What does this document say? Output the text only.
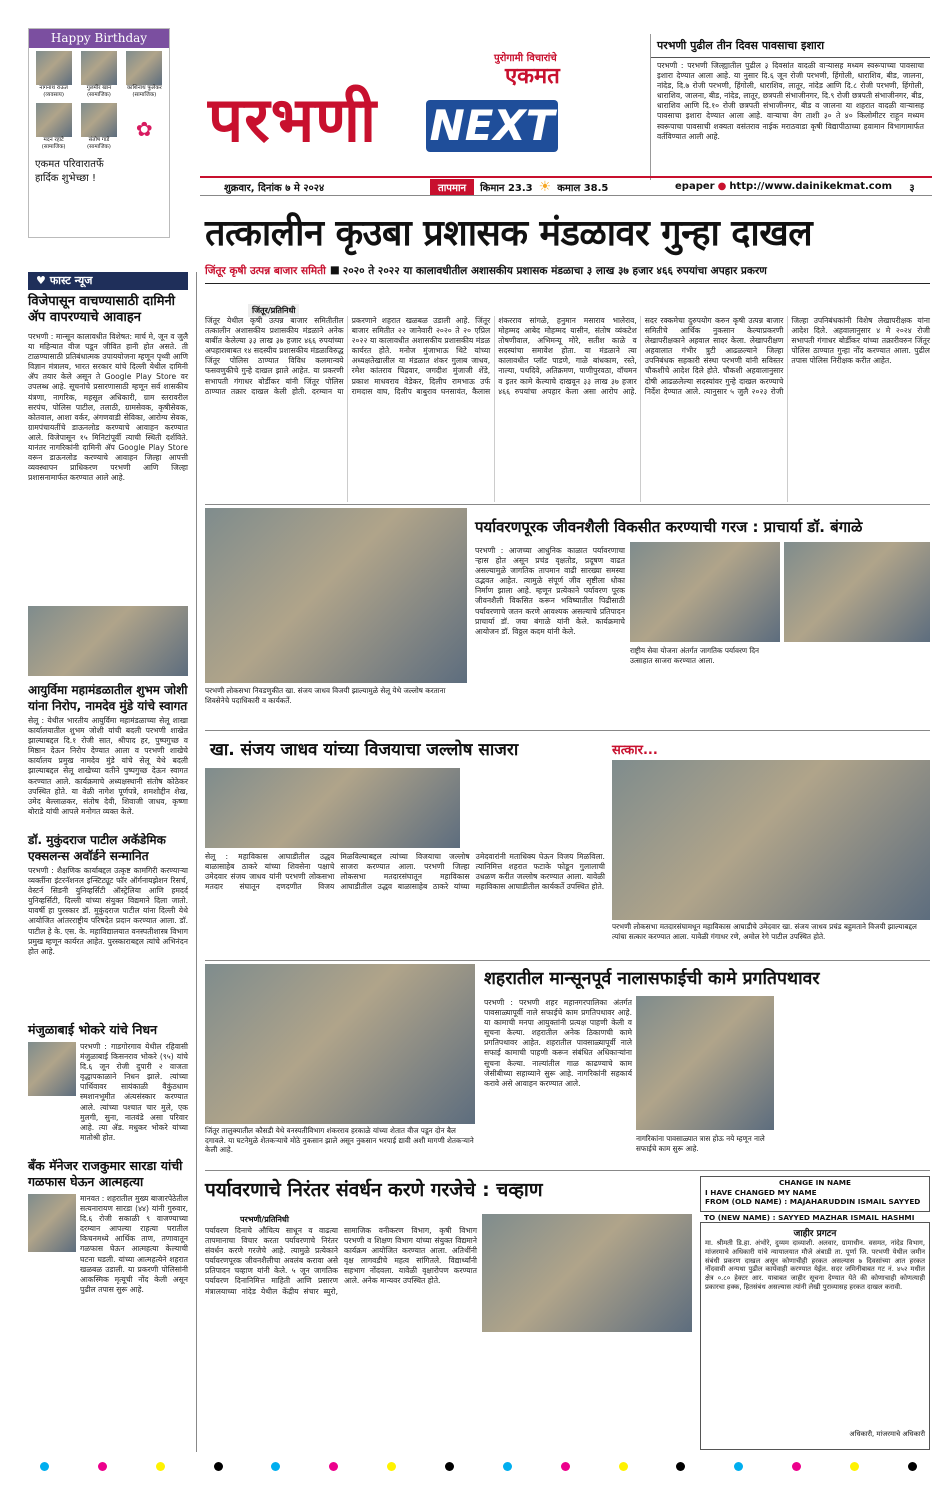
Happy Birthday
नागनाथ राऊत
(व्यवसाय)
गुलमीर खान
(सामाजिक)
काशिनाथ फुलेकर
(सामाजिक)
मदन रहाटे
(सामाजिक)
संतोष गाडे
(सामाजिक)
✿
एकमत परिवारातर्फे
हार्दिक शुभेच्छा !
पुरोगामी विचारांचे
एकमत
परभणी NEXT
परभणी पुढील तीन दिवस पावसाचा इशारा
परभणी : परभणी जिल्ह्यातील पुढील ३ दिवसांत वादळी वाऱ्यासह मध्यम स्वरूपाच्या पावसाचा इशारा देण्यात आला आहे. या नुसार दि.६ जून रोजी परभणी, हिंगोली, धाराशिव, बीड, जालना, नांदेड, दि.७ रोजी परभणी, हिंगोली, धाराशिव, लातूर, नांदेड आणि दि.८ रोजी परभणी, हिंगोली, धाराशिव, जालना, बीड, नांदेड, लातूर, छत्रपती संभाजीनगर, दि.९ रोजी छत्रपती संभाजीनगर, बीड, धाराशिव आणि दि.१० रोजी छत्रपती संभाजीनगर, बीड व जालना या शहरात वादळी वाऱ्यासह पावसाचा इशारा देण्यात आला आहे. वाऱ्याचा वेग ताशी ३० ते ४० किलोमीटर राहून मध्यम स्वरूपाचा पावसाची शक्यता वसंतराव नाईक मराठवाडा कृषी विद्यापीठाच्या हवामान विभागामार्फत वर्तविण्यात आली आहे.
शुक्रवार, दिनांक ७ मे २०२४	तापमान	किमान 23.3 ☀ कमाल 38.5	epaper ● http://www.dainikekmat.com	३
तत्कालीन कृउबा प्रशासक मंडळावर गुन्हा दाखल
जिंतूर कृषी उत्पन्न बाजार समिती ■ २०२० ते २०२२ या कालावधीतील अशासकीय प्रशासक मंडळाचा ३ लाख ३७ हजार ४६६ रुपयांचा अपहार प्रकरण
जिंतूर/प्रतिनिधी
जिंतूर येथील कृषी उत्पन्न बाजार समितीतील तत्कालीन अशासकीय प्रशासकीय मंडळाने अनेक बाबींत केलेल्या ३३ लाख ३७ हजार ४६६ रुपयांच्या अपहाराबाबत १४ सदस्यीय प्रशासकीय मंडळाविरुद्ध जिंतूर पोलिस ठाण्यात विविध कलमान्वये फसवणुकीचे गुन्हे दाखल झाले आहेत. या प्रकरणी सभापती गंगाधर बोर्डीकर यांनी जिंतूर पोलिस ठाण्यात तक्रार दाखल केली होती. दरम्यान या प्रकरणाने शहरात खळबळ उडाली आहे. जिंतूर बाजार समितीत २२ जानेवारी २०२० ते २० एप्रिल २०२२ या कालावधीत अशासकीय प्रशासकीय मंडळ कार्यरत होते. मनोज मुंजाभाऊ थिटे यांच्या अध्यक्षतेखालील या मंडळात शंकर गुलाब जाधव, रमेश कांतराव चिद्रवार, जगदीश मुंजाजी शेंडे, प्रकाश माधवराव वेडेकर, दिलीप रामभाऊ उर्फ रामदास वाघ, दिलीप बाबुराव घनसावंत, कैलास शंकरराव सांगळे, हनुमान मसाराव भालेराव, मोहम्मद आबेद मोहम्मद यासीन, संतोष व्यंकटेश तोषणीवाल, अभिमन्यू मोरे, सतीश काळे व सदस्यांचा समावेश होता. या मंडळाने त्या कालावधीत प्लॉट पाडणे, गाळे बांधकाम, रस्ते, नाल्या, पथदिवे, अतिक्रमण, पाणीपुरवठा, वॉचमन व इतर कामे केल्याचे दाखवून ३३ लाख ३७ हजार ४६६ रुपयांचा अपहार केला असा आरोप आहे. सदर रक्कमेचा दुरुपयोग करुन कृषी उत्पन्न बाजार समितीचे आर्थिक नुकसान केल्याप्रकरणी लेखापरीक्षकाने अहवाल सादर केला. लेखापरीक्षण अहवालात गंभीर त्रुटी आढळल्याने जिल्हा उपनिबंधक सहकारी संस्था परभणी यांनी सविस्तर चौकशीचे आदेश दिले होते. चौकशी अहवालानुसार दोषी आढळलेल्या सदस्यांवर गुन्हे दाखल करण्याचे निर्देश देण्यात आले. त्यानुसार ५ जुलै २०२३ रोजी जिल्हा उपनिबंधकांनी विशेष लेखापरीक्षक यांना आदेश दिले. अहवालानुसार ४ मे २०२४ रोजी सभापती गंगाधर बोर्डीकर यांच्या तक्रारीवरुन जिंतूर पोलिस ठाण्यात गुन्हा नोंद करण्यात आला. पुढील तपास पोलिस निरीक्षक करीत आहेत.
♥ फास्ट न्यूज
विजेपासून वाचण्यासाठी दामिनी ॲप वापरण्याचे आवाहन
परभणी : मान्सून कालावधीत विशेषत: मार्च मे, जून व जुलै या महिन्यात वीज पडून जीवित हानी होत असते. ती टाळण्यासाठी प्रतिबंधात्मक उपाययोजना म्हणून पृथ्वी आणि विज्ञान मंत्रालय, भारत सरकार यांचे दिल्ली येथील दामिनी ॲप तयार केले असून ते Google Play Store वर उपलब्ध आहे. सूचनांचे प्रसारणासाठी म्हणून सर्व शासकीय यंत्रणा, नागरिक, महसूल अधिकारी, ग्राम स्तरावरील सरपंच, पोलिस पाटील, तलाठी, ग्रामसेवक, कृषीसेवक, कोतवाल, आशा वर्कर, अंगणवाडी सेविका, आरोग्य सेवक, ग्रामपंचायतींचे डाऊनलोड करण्याचे आवाहन करण्यात आले. विजेपासून १५ मिनिटांपूर्वी त्याची स्थिती दर्शविते. यानंतर नागरिकांनी दामिनी ॲप Google Play Store वरून डाऊनलोड करण्याचे आवाहन जिल्हा आपत्ती व्यवस्थापन प्राधिकरण परभणी आणि जिल्हा प्रशासनामार्फत करण्यात आले आहे.
आयुर्विमा महामंडळातील शुभम जोशी यांना निरोप, नामदेव मुंडे यांचे स्वागत
सेलू : येथील भारतीय आयुर्विमा महामंडळाच्या सेलू शाखा कार्यालयातील शुभम जोशी यांची बदली परभणी शाखेत झाल्याबद्दल दि.१ रोजी सात, श्रीपाद हर, पुष्पगुच्छ व मिष्ठान देऊन निरोप देण्यात आला व परभणी शाखेचे कार्यालय प्रमुख नामदेव मुंडे यांचे सेलू येथे बदली झाल्याबद्दल सेलू शाखेच्या वतीने पुष्पगुच्छ देऊन स्वागत करण्यात आले. कार्यक्रमाचे अध्यक्षस्थानी संतोष कोठेकर उपस्थित होते. या वेळी नागेश पूर्णपत्रे, शमशोद्दीन शेख, उमेद बेल्लाळकर, संतोष देवी, शिवाजी जाधव, कृष्णा बोराडे यांची आपले मनोगत व्यक्त केले.
डॉ. मुकुंदराज पाटील अकॅडेमिक एक्सलन्स अवॉर्डने सन्मानित
परभणी : शैक्षणिक कार्याबद्दल उत्कृष्ट कामगिरी करण्याऱ्या व्यक्तींना इंटरनॅशनल इन्स्टिट्यूट फॉर ऑर्गनायझेशन रिसर्च, वेस्टर्न सिडनी युनिव्हर्सिटी ऑस्ट्रेलिया आणि हमदर्द युनिव्हर्सिटी, दिल्ली यांच्या संयुक्त विद्यमाने दिला जातो. यावर्षी हा पुरस्कार डॉ. मुकुंदराज पाटील यांना दिल्ली येथे आयोजित आंतरराष्ट्रीय परिषदेत प्रदान करण्यात आला. डॉ. पाटील हे के. एस. के. महाविद्यालयात वनस्पतीशास्त्र विभाग प्रमुख म्हणून कार्यरत आहेत. पुरस्काराबद्दल त्यांचे अभिनंदन होत आहे.
मंजुळाबाई भोकरे यांचे निधन
परभणी : गाडगोरगाव येथील रहिवासी मंजुळाबाई किसनराव भोकरे (९५) यांचे दि.६ जून रोजी दुपारी २ वाजता वृद्धापकाळाने निधन झाले. त्यांच्या पार्थिवावर सायंकाळी वैकुंठधाम स्मशानभूमीत अंत्यसंस्कार करण्यात आले. त्यांच्या पश्चात चार मुले, एक मुलगी, सुना, नातवंडे असा परिवार आहे. त्या ॲड. मधुकर भोकरे यांच्या मातोश्री होत.
बँक मॅनेजर राजकुमार सारडा यांची गळफास घेऊन आत्महत्या
मानवत : शहरातील मुख्य बाजारपेठेतील सत्यनारायण सारडा (४४) यांनी गुरुवार, दि.६ रोजी सकाळी ९ वाजण्याच्या दरम्यान आपल्या राहत्या घरातील किचनमध्ये आर्थिक ताण, तणावातून गळफास घेऊन आत्महत्या केल्याची घटना घडली. यांच्या आत्महत्येने शहरात खळबळ उडाली. या प्रकरणी पोलिसांनी आकस्मिक मृत्यूची नोंद केली असून पुढील तपास सुरू आहे.
परभणी लोकसभा निवडणुकीत खा. संजय जाधव विजयी झाल्यामुळे सेलू येथे जल्लोष करताना शिवसेनेचे पदाधिकारी व कार्यकर्ते.
पर्यावरणपूरक जीवनशैली विकसीत करण्याची गरज : प्राचार्या डॉ. बंगाळे
परभणी : आजच्या आधुनिक काळात पर्यावरणाचा ऱ्हास होत असून प्रचंड वृक्षतोड, प्रदूषण वाढत असल्यामुळे जागतिक तापमान वाढी सारख्या समस्या उद्भवत आहेत. त्यामुळे संपूर्ण जीव सृष्टीला धोका निर्माण झाला आहे. म्हणून प्रत्येकाने पर्यावरण पूरक जीवनशैली विकसित करून भविष्यातील पिढीसाठी पर्यावरणाचे जतन करणे आवश्यक असल्याचे प्रतिपादन प्राचार्या डॉ. जया बंगाळे यांनी केले. कार्यक्रमाचे आयोजन डॉ. विठ्ठल कदम यांनी केले.
राष्ट्रीय सेवा योजना अंतर्गत जागतिक पर्यावरण दिन उत्साहात साजरा करण्यात आला.
खा. संजय जाधव यांच्या विजयाचा जल्लोष साजरा	सत्कार...
सेलू : महाविकास आघाडीतील उद्धव बाळासाहेब ठाकरे यांच्या शिवसेना पक्षाचे उमेदवार संजय जाधव यांनी परभणी लोकसभा मतदार संघातून दणदणीत विजय मिळविल्याबद्दल त्यांच्या विजयाचा जल्लोष साजरा करण्यात आला. परभणी जिल्हा लोकसभा मतदारसंघातून महाविकास आघाडीतील उद्धव बाळासाहेब ठाकरे यांच्या उमेदवारांनी मताधिक्य घेऊन विजय मिळविला. त्यानिमित्त शहरात फटाके फोडून गुलालाची उधळण करीत जल्लोष करण्यात आला. यावेळी महाविकास आघाडीतील कार्यकर्ते उपस्थित होते.
परभणी लोकसभा मतदारसंघामधून महाविकास आघाडीचे उमेदवार खा. संजय जाधव प्रचंड बहुमताने विजयी झाल्याबद्दल त्यांचा सत्कार करण्यात आला. यावेळी गंगाधर रणे, अमोल रेगे पाटील उपस्थित होते.
जिंतूर तालुक्यातील कौसडी येथे वनस्पतीविभाग शंकरराव हरकाळे यांच्या शेतात वीज पडून दोन बैल दगावले. या घटनेमुळे शेतकऱ्याचे मोठे नुकसान झाले असून नुकसान भरपाई द्यावी अशी मागणी शेतकऱ्याने केली आहे.
शहरातील मान्सूनपूर्व नालासफाईची कामे प्रगतिपथावर
परभणी : परभणी शहर महानगरपालिका अंतर्गत पावसाळ्यापूर्वी नाले सफाईचे काम प्रगतिपथावर आहे. या कामाची मनपा आयुक्तांनी प्रत्यक्ष पाहणी केली व सूचना केल्या. शहरातील अनेक ठिकाणची कामे प्रगतिपथावर आहेत. शहरातील पावसाळ्यापूर्वी नाले सफाई कामाची पाहणी करून संबंधित अधिकाऱ्यांना सूचना केल्या. नाल्यांतील गाळ काढण्याचे काम जेसीबीच्या सहाय्याने सुरू आहे. नागरिकांनी सहकार्य करावे असे आवाहन करण्यात आले.
नागरिकांना पावसाळ्यात त्रास होऊ नये म्हणून नाले सफाईचे काम सुरू आहे.
पर्यावरणाचे निरंतर संवर्धन करणे गरजेचे : चव्हाण
परभणी/प्रतिनिधी
पर्यावरण दिनाचे औचित्य साधून व वाढत्या तापमानाचा विचार करता पर्यावरणाचे निरंतर संवर्धन करणे गरजेचे आहे. त्यामुळे प्रत्येकाने पर्यावरणपूरक जीवनशैलीचा अवलंब करावा असे प्रतिपादन चव्हाण यांनी केले. ५ जून जागतिक पर्यावरण दिनानिमित्त माहिती आणि प्रसारण मंत्रालयाच्या नांदेड येथील केंद्रीय संचार ब्युरो, सामाजिक वनीकरण विभाग, कृषी विभाग परभणी व शिक्षण विभाग यांच्या संयुक्त विद्यमाने कार्यक्रम आयोजित करण्यात आला. अतिथींनी वृक्ष लागवडीचे महत्व सांगितले. विद्यार्थ्यांनी सहभाग नोंदवला. यावेळी वृक्षारोपण करण्यात आले. अनेक मान्यवर उपस्थित होते.
CHANGE IN NAME
I HAVE CHANGED MY NAME
FROM (OLD NAME) : MAJAHARUDDIN ISMAIL SAYYED
TO (NEW NAME) : SAYYED MAZHAR ISMAIL HASHMI
जाहीर प्रगटन
मा. श्रीमती डि.हा. अंभोरे, दुय्यम दाव्याशी. अलवार, ग्रामाधीन. वसमत, नांदेड विभाग, मांजरमाचे अधिकारी यांचे न्यायालयात मौजे अंबाडी ता. पूर्णा जि. परभणी येथील जमीन संबंधी प्रकरण दाखल असून कोणाचीही हरकत असल्यास ७ दिवसांच्या आत हरकत नोंदवावी अन्यथा पुढील कार्यवाही करण्यात येईल. सदर जमिनीबाबत गट नं. ४५२ मधील क्षेत्र ०.८० हेक्टर आर. याबाबत जाहीर सूचना देण्यात येते की कोणाचाही कोणत्याही प्रकारचा हक्क, हितसंबंध असल्यास त्यांनी लेखी पुराव्यासह हरकत दाखल करावी.
अधिकारी, मांजरमाचे अधिकारी
